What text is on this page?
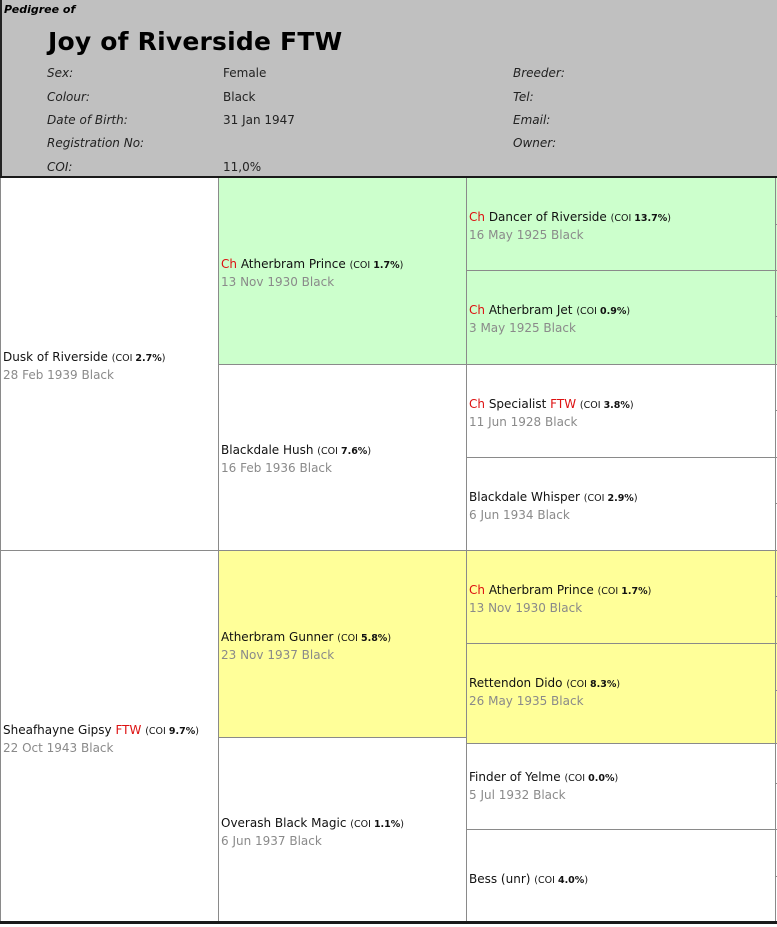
Pedigree of
Joy of Riverside FTW
Sex:	Female	Breeder:
Colour:	Black	Tel:
Date of Birth:	31 Jan 1947	Email:
Registration No:	Owner:
COI:	11,0%
Dusk of Riverside (COI 2.7%)
28 Feb 1939 Black
Sheafhayne Gipsy FTW (COI 9.7%)
22 Oct 1943 Black
Ch Atherbram Prince (COI 1.7%)
13 Nov 1930 Black
Blackdale Hush (COI 7.6%)
16 Feb 1936 Black
Atherbram Gunner (COI 5.8%)
23 Nov 1937 Black
Overash Black Magic (COI 1.1%)
6 Jun 1937 Black
Ch Dancer of Riverside (COI 13.7%)
16 May 1925 Black
Ch Atherbram Jet (COI 0.9%)
3 May 1925 Black
Ch Specialist FTW (COI 3.8%)
11 Jun 1928 Black
Blackdale Whisper (COI 2.9%)
6 Jun 1934 Black
Ch Atherbram Prince (COI 1.7%)
13 Nov 1930 Black
Rettendon Dido (COI 8.3%)
26 May 1935 Black
Finder of Yelme (COI 0.0%)
5 Jul 1932 Black
Bess (unr) (COI 4.0%)
